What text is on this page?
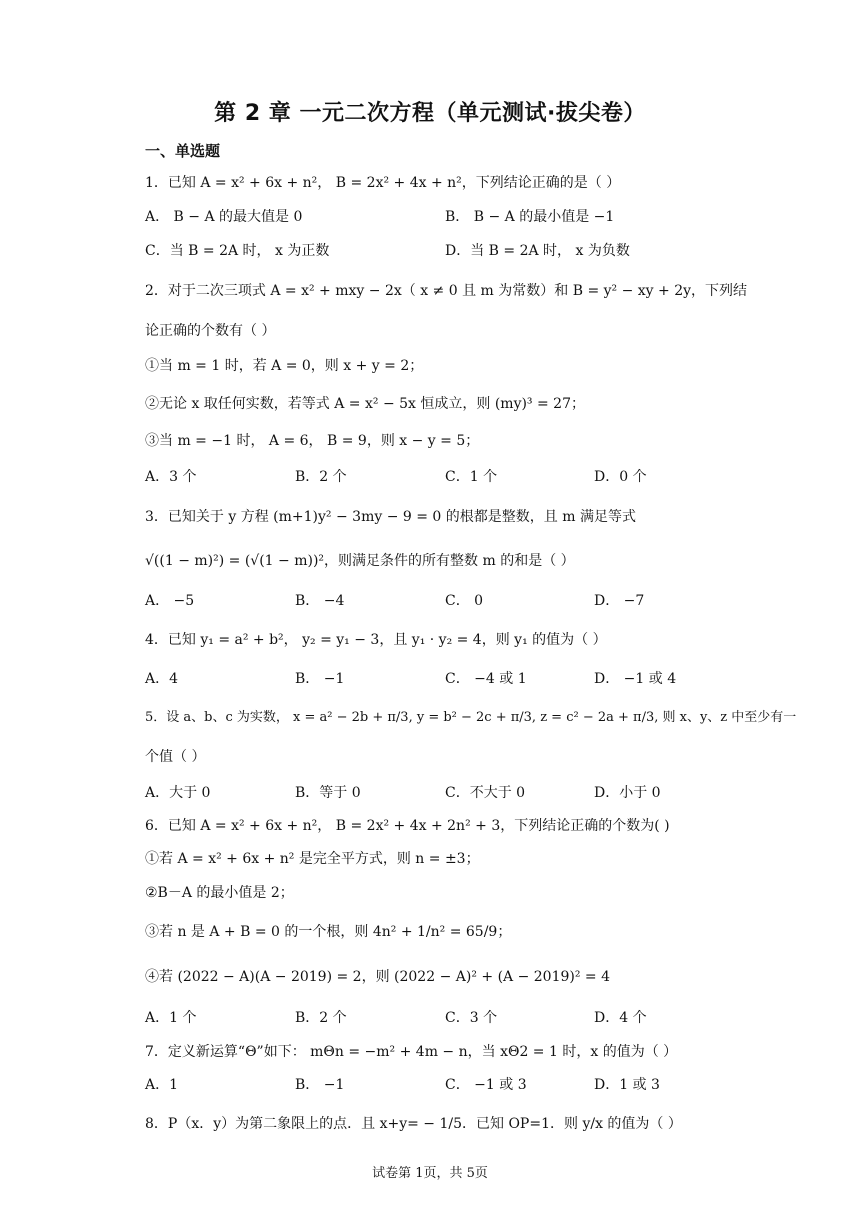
第 2 章 一元二次方程（单元测试·拔尖卷）
一、单选题
1．已知 A = x² + 6x + n²， B = 2x² + 4x + n²，下列结论正确的是（ ）
A． B − A 的最大值是 0	B． B − A 的最小值是 −1
C．当 B = 2A 时， x 为正数	D．当 B = 2A 时， x 为负数
2．对于二次三项式 A = x² + mxy − 2x（ x ≠ 0 且 m 为常数）和 B = y² − xy + 2y，下列结
论正确的个数有（ ）
①当 m = 1 时，若 A = 0，则 x + y = 2；
②无论 x 取任何实数，若等式 A = x² − 5x 恒成立，则 (my)³ = 27；
③当 m = −1 时， A = 6， B = 9，则 x − y = 5；
A．3 个	B．2 个	C．1 个	D．0 个
3．已知关于 y 方程 (m+1)y² − 3my − 9 = 0 的根都是整数，且 m 满足等式
√((1 − m)²) = (√(1 − m))²，则满足条件的所有整数 m 的和是（ ）
A． −5	B． −4	C． 0	D． −7
4．已知 y₁ = a² + b²， y₂ = y₁ − 3，且 y₁ · y₂ = 4，则 y₁ 的值为（ ）
A．4	B． −1	C． −4 或 1	D． −1 或 4
5．设 a、b、c 为实数， x = a² − 2b + π/3, y = b² − 2c + π/3, z = c² − 2a + π/3, 则 x、y、z 中至少有一
个值（ ）
A．大于 0	B．等于 0	C．不大于 0	D．小于 0
6．已知 A = x² + 6x + n²， B = 2x² + 4x + 2n² + 3，下列结论正确的个数为( )
①若 A = x² + 6x + n² 是完全平方式，则 n = ±3；
②B－A 的最小值是 2；
③若 n 是 A + B = 0 的一个根，则 4n² + 1/n² = 65/9；
④若 (2022 − A)(A − 2019) = 2，则 (2022 − A)² + (A − 2019)² = 4
A．1 个	B．2 个	C．3 个	D．4 个
7．定义新运算“Θ”如下： mΘn = −m² + 4m − n，当 xΘ2 = 1 时，x 的值为（ ）
A．1	B． −1	C． −1 或 3	D．1 或 3
8．P（x．y）为第二象限上的点．且 x+y= − 1/5．已知 OP=1．则 y/x 的值为（ ）
试卷第 1页，共 5页
